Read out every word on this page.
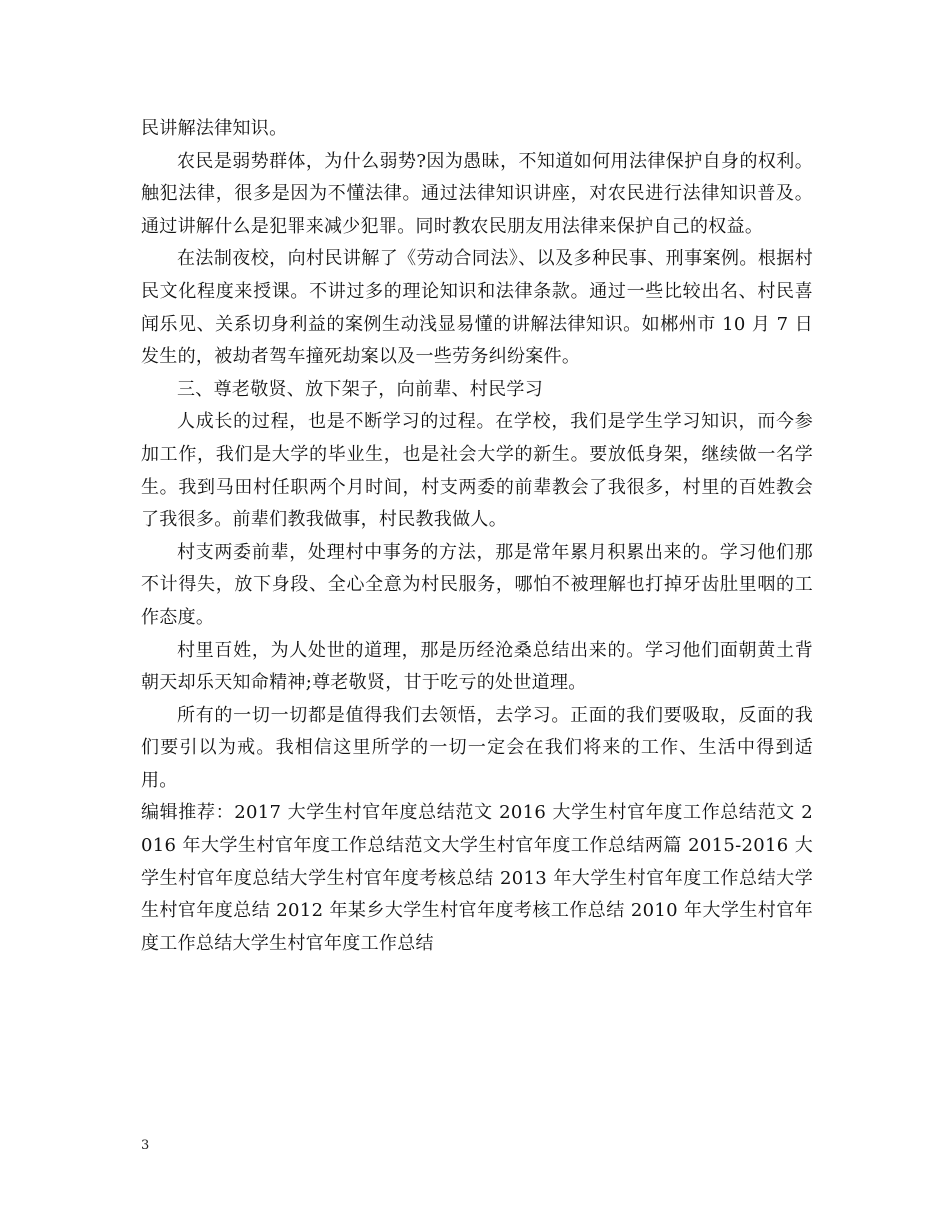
民讲解法律知识。

农民是弱势群体，为什么弱势?因为愚昧，不知道如何用法律保护自身的权利。触犯法律，很多是因为不懂法律。通过法律知识讲座，对农民进行法律知识普及。通过讲解什么是犯罪来减少犯罪。同时教农民朋友用法律来保护自己的权益。

在法制夜校，向村民讲解了《劳动合同法》、以及多种民事、刑事案例。根据村民文化程度来授课。不讲过多的理论知识和法律条款。通过一些比较出名、村民喜闻乐见、关系切身利益的案例生动浅显易懂的讲解法律知识。如郴州市 10 月 7 日发生的，被劫者驾车撞死劫案以及一些劳务纠纷案件。

三、尊老敬贤、放下架子，向前辈、村民学习

人成长的过程，也是不断学习的过程。在学校，我们是学生学习知识，而今参加工作，我们是大学的毕业生，也是社会大学的新生。要放低身架，继续做一名学生。我到马田村任职两个月时间，村支两委的前辈教会了我很多，村里的百姓教会了我很多。前辈们教我做事，村民教我做人。

村支两委前辈，处理村中事务的方法，那是常年累月积累出来的。学习他们那不计得失，放下身段、全心全意为村民服务，哪怕不被理解也打掉牙齿肚里咽的工作态度。

村里百姓，为人处世的道理，那是历经沧桑总结出来的。学习他们面朝黄土背朝天却乐天知命精神;尊老敬贤，甘于吃亏的处世道理。

所有的一切一切都是值得我们去领悟，去学习。正面的我们要吸取，反面的我们要引以为戒。我相信这里所学的一切一定会在我们将来的工作、生活中得到适用。

编辑推荐：2017 大学生村官年度总结范文 2016 大学生村官年度工作总结范文 2016 年大学生村官年度工作总结范文大学生村官年度工作总结两篇 2015-2016 大学生村官年度总结大学生村官年度考核总结 2013 年大学生村官年度工作总结大学生村官年度总结 2012 年某乡大学生村官年度考核工作总结 2010 年大学生村官年度工作总结大学生村官年度工作总结

3
